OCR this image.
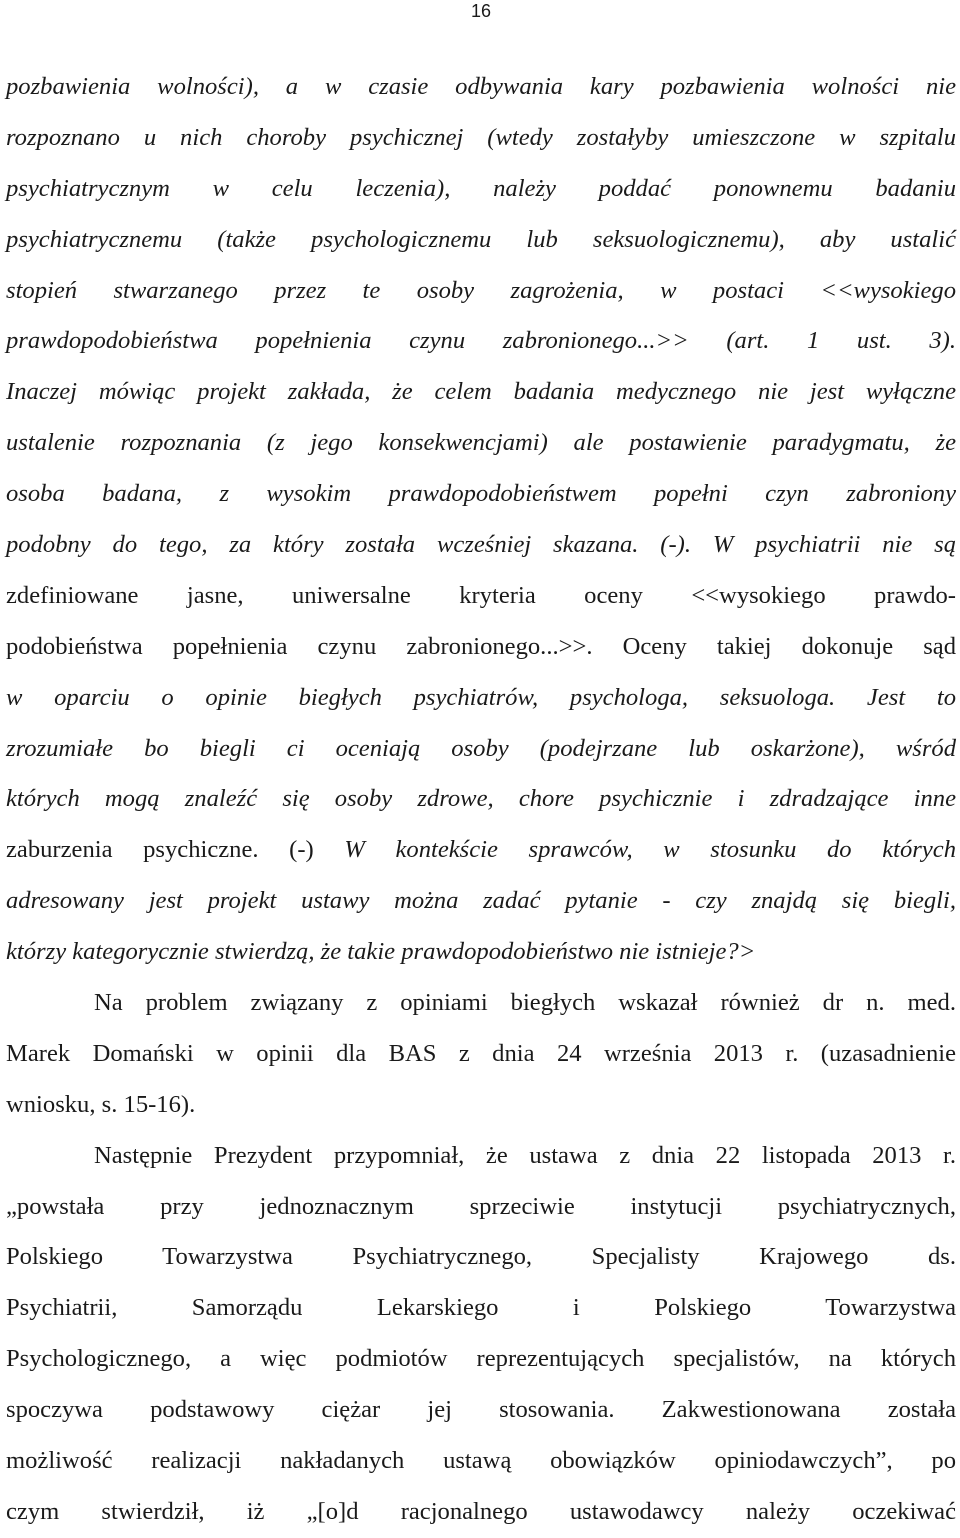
16
pozbawienia wolności), a w czasie odbywania kary pozbawienia wolności nie
rozpoznano u nich choroby psychicznej (wtedy zostałyby umieszczone w szpitalu
psychiatrycznym w celu leczenia), należy poddać ponownemu badaniu
psychiatrycznemu (także psychologicznemu lub seksuologicznemu), aby ustalić
stopień stwarzanego przez te osoby zagrożenia, w postaci <<wysokiego
prawdopodobieństwa popełnienia czynu zabronionego...>> (art. 1 ust. 3).
Inaczej mówiąc projekt zakłada, że celem badania medycznego nie jest wyłączne
ustalenie rozpoznania (z jego konsekwencjami) ale postawienie paradygmatu, że
osoba badana, z wysokim prawdopodobieństwem popełni czyn zabroniony
podobny do tego, za który została wcześniej skazana. (-). W psychiatrii nie są
zdefiniowane jasne, uniwersalne kryteria oceny <<wysokiego prawdo-
podobieństwa popełnienia czynu zabronionego...>>. Oceny takiej dokonuje sąd
w oparciu o opinie biegłych psychiatrów, psychologa, seksuologa. Jest to
zrozumiałe bo biegli ci oceniają osoby (podejrzane lub oskarżone), wśród
których mogą znaleźć się osoby zdrowe, chore psychicznie i zdradzające inne
zaburzenia psychiczne. (-) W kontekście sprawców, w stosunku do których
adresowany jest projekt ustawy można zadać pytanie - czy znajdą się biegli,
którzy kategorycznie stwierdzą, że takie prawdopodobieństwo nie istnieje?>
Na problem związany z opiniami biegłych wskazał również dr n. med.
Marek Domański w opinii dla BAS z dnia 24 września 2013 r. (uzasadnienie
wniosku, s. 15-16).
Następnie Prezydent przypomniał, że ustawa z dnia 22 listopada 2013 r.
„powstała przy jednoznacznym sprzeciwie instytucji psychiatrycznych,
Polskiego Towarzystwa Psychiatrycznego, Specjalisty Krajowego ds.
Psychiatrii, Samorządu Lekarskiego i Polskiego Towarzystwa
Psychologicznego, a więc podmiotów reprezentujących specjalistów, na których
spoczywa podstawowy ciężar jej stosowania. Zakwestionowana została
możliwość realizacji nakładanych ustawą obowiązków opiniodawczych”, po
czym stwierdził, iż „[o]d racjonalnego ustawodawcy należy oczekiwać
